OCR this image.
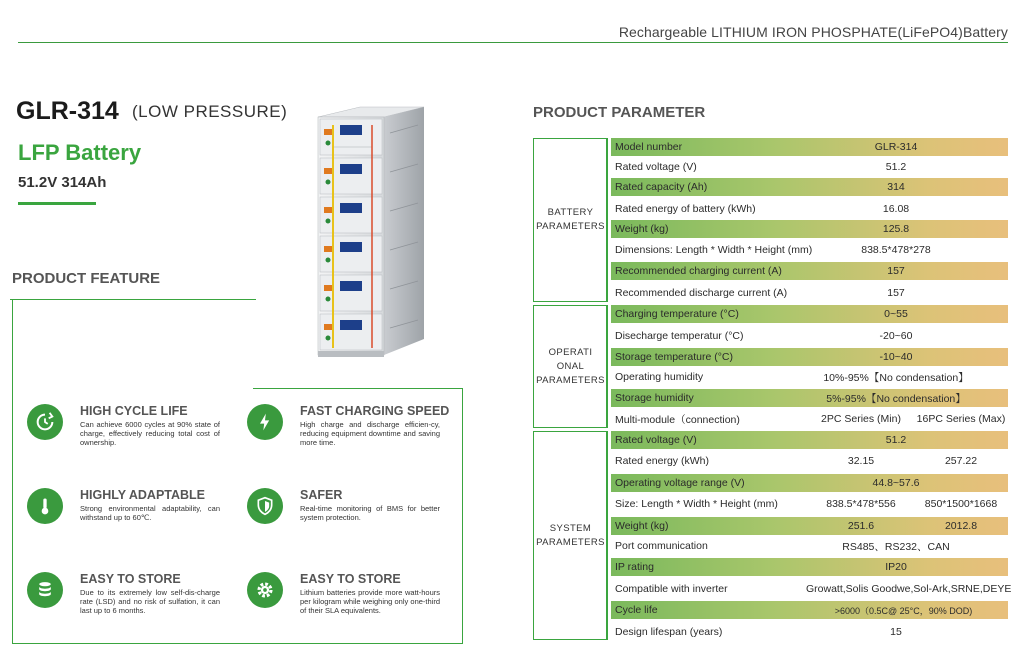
Rechargeable LITHIUM IRON PHOSPHATE(LiFePO4)Battery
GLR-314 (LOW PRESSURE)
LFP Battery
51.2V 314Ah
PRODUCT FEATURE
HIGH CYCLE LIFE
Can achieve 6000 cycles at 90% state of charge, effectively reducing total cost of ownership.
FAST CHARGING SPEED
High charge and discharge efficien-cy, reducing equipment downtime and saving more time.
HIGHLY ADAPTABLE
Strong environmental adaptability, can withstand up to 60℃.
SAFER
Real-time monitoring of BMS for better system protection.
EASY TO STORE
Due to its extremely low self-dis-charge rate (LSD) and no risk of sulfation, it can last up to 6 months.
EASY TO STORE
Lithium batteries provide more watt-hours per kilogram while weighing only one-third of their SLA equivalents.
PRODUCT PARAMETER
BATTERY
PARAMETERS
OPERATI ONAL
PARAMETERS
SYSTEM
PARAMETERS
Model number	GLR-314
Rated voltage (V)	51.2
Rated capacity (Ah)	314
Rated energy of battery (kWh)	16.08
Weight (kg)	125.8
Dimensions: Length * Width * Height (mm)	838.5*478*278
Recommended charging current (A)	157
Recommended discharge current (A)	157
Charging temperature (°C)	0~55
Disecharge temperatur (°C)	-20~60
Storage temperature (°C)	-10~40
Operating humidity	10%-95%【No condensation】
Storage humidity	5%-95%【No condensation】
Multi-module（connection)	2PC Series (Min)	16PC Series (Max)
Rated voltage (V)	51.2
Rated energy (kWh)	32.15	257.22
Operating voltage range (V)	44.8~57.6
Size: Length * Width * Height (mm)	838.5*478*556	850*1500*1668
Weight (kg)	251.6	2012.8
Port communication	RS485、RS232、CAN
IP rating	IP20
Compatible with inverter	Growatt,Solis Goodwe,Sol-Ark,SRNE,DEYE
Cycle life	>6000（0.5C@ 25°C，90% DOD)
Design lifespan (years)	15
